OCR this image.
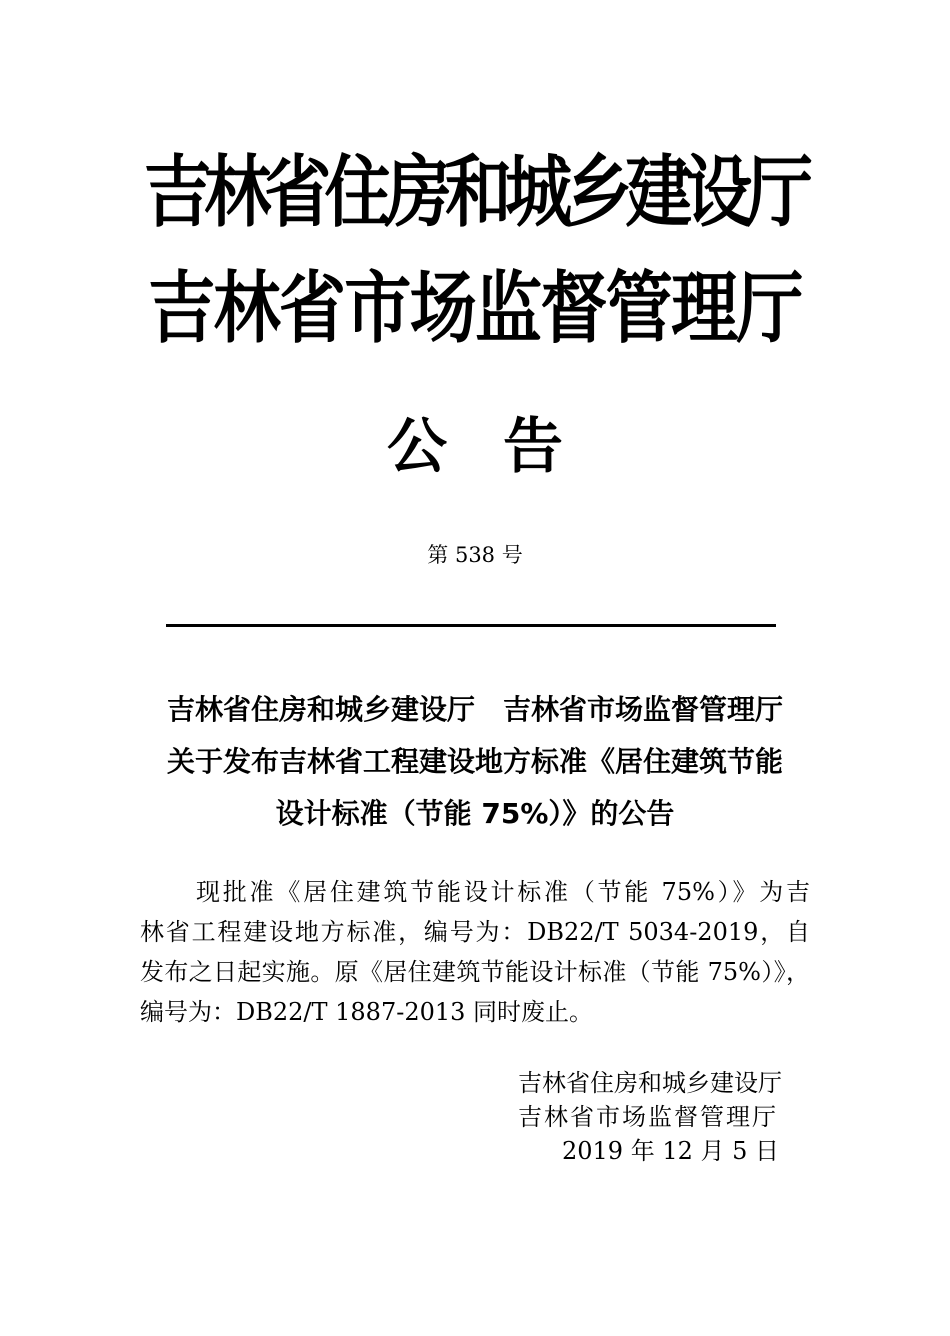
吉林省住房和城乡建设厅
吉林省市场监督管理厅
公告
第 538 号
吉林省住房和城乡建设厅　吉林省市场监督管理厅
关于发布吉林省工程建设地方标准《居住建筑节能
设计标准（节能 75%）》的公告
现批准《居住建筑节能设计标准（节能 75%）》为吉
林省工程建设地方标准，编号为：DB22/T 5034-2019，自
发布之日起实施。原《居住建筑节能设计标准（节能 75%）》，
编号为：DB22/T 1887-2013 同时废止。
吉林省住房和城乡建设厅
吉林省市场监督管理厅
2019 年 12 月 5 日
